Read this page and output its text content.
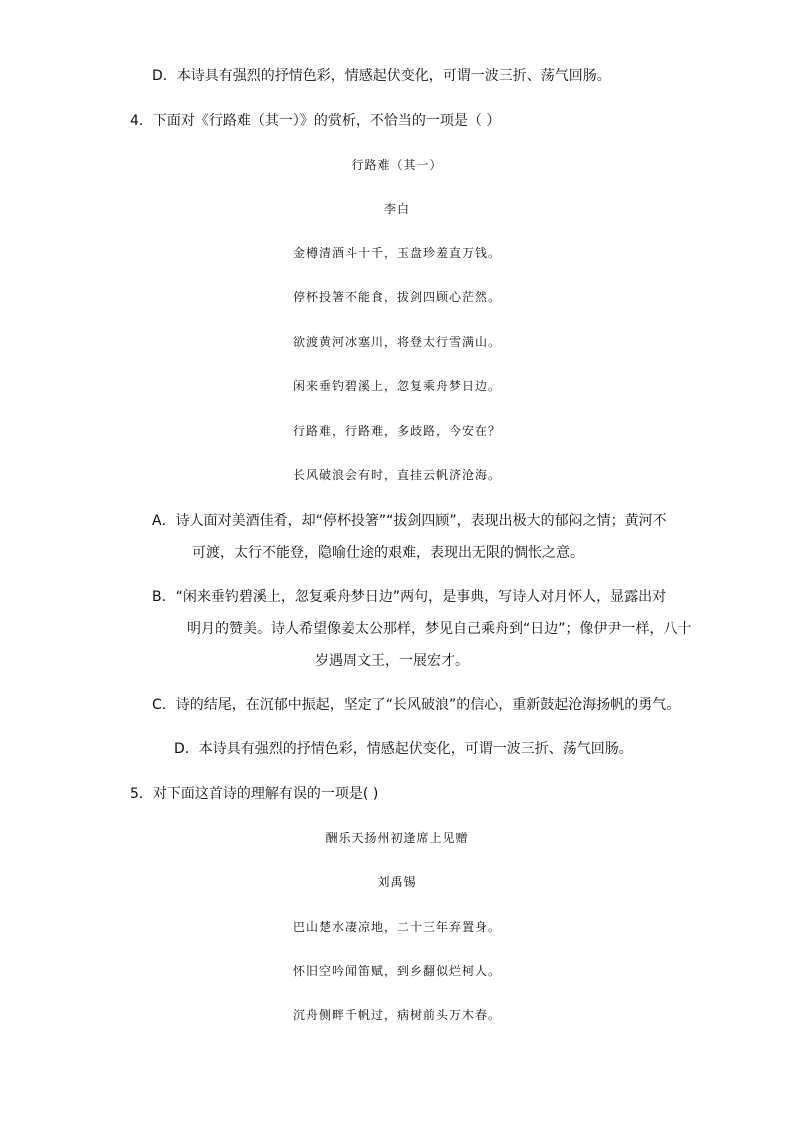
D．本诗具有强烈的抒情色彩，情感起伏变化，可谓一波三折、荡气回肠。
4．下面对《行路难（其一）》的赏析，不恰当的一项是（ ）
行路难（其一）
李白
金樽清酒斗十千，玉盘珍羞直万钱。
停杯投箸不能食，拔剑四顾心茫然。
欲渡黄河冰塞川，将登太行雪满山。
闲来垂钓碧溪上，忽复乘舟梦日边。
行路难，行路难，多歧路，今安在？
长风破浪会有时，直挂云帆济沧海。
A．诗人面对美酒佳肴，却“停杯投箸”“拔剑四顾”，表现出极大的郁闷之情；黄河不
可渡，太行不能登，隐喻仕途的艰难，表现出无限的惆怅之意。
B．“闲来垂钓碧溪上，忽复乘舟梦日边”两句，是事典，写诗人对月怀人，显露出对
明月的赞美。诗人希望像姜太公那样，梦见自己乘舟到“日边”；像伊尹一样，八十
岁遇周文王，一展宏才。
C．诗的结尾，在沉郁中振起，坚定了“长风破浪”的信心，重新鼓起沧海扬帆的勇气。
D．本诗具有强烈的抒情色彩，情感起伏变化，可谓一波三折、荡气回肠。
5．对下面这首诗的理解有误的一项是( )
酬乐天扬州初逢席上见赠
刘禹锡
巴山楚水凄凉地，二十三年弃置身。
怀旧空吟闻笛赋，到乡翻似烂柯人。
沉舟侧畔千帆过，病树前头万木春。
